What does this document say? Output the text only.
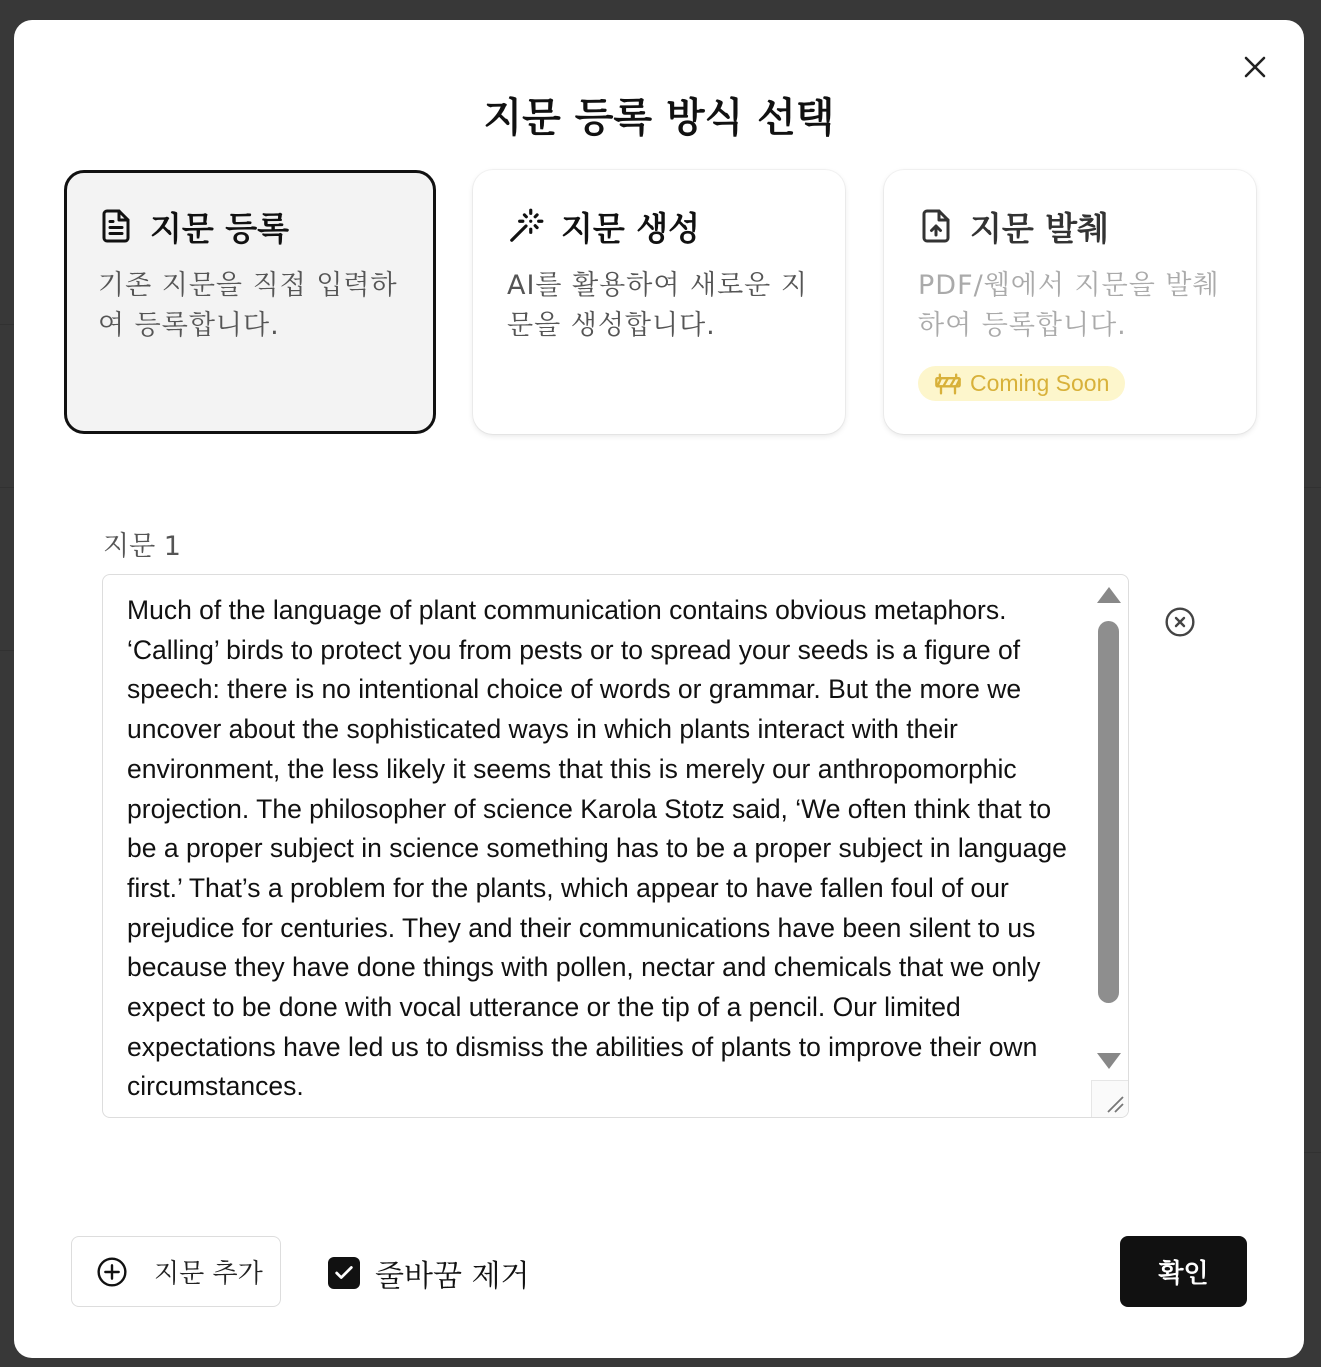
지문 등록 방식 선택
지문 등록
기존 지문을 직접 입력하여 등록합니다.
지문 생성
AI를 활용하여 새로운 지문을 생성합니다.
지문 발췌
PDF/웹에서 지문을 발췌하여 등록합니다.
Coming Soon
지문 1
Much of the language of plant communication contains obvious metaphors. ‘Calling’ birds to protect you from pests or to spread your seeds is a figure of speech: there is no intentional choice of words or grammar. But the more we uncover about the sophisticated ways in which plants interact with their environment, the less likely it seems that this is merely our anthropomorphic projection. The philosopher of science Karola Stotz said, ‘We often think that to be a proper subject in science something has to be a proper subject in language first.’ That’s a problem for the plants, which appear to have fallen foul of our prejudice for centuries. They and their communications have been silent to us because they have done things with pollen, nectar and chemicals that we only expect to be done with vocal utterance or the tip of a pencil. Our limited expectations have led us to dismiss the abilities of plants to improve their own circumstances.
지문 추가	줄바꿈 제거	확인
